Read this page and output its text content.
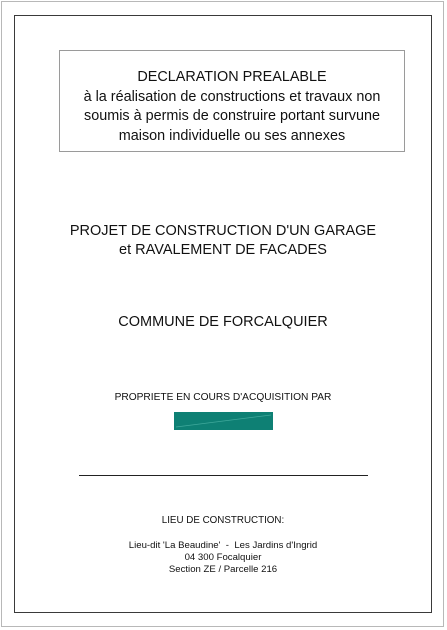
DECLARATION PREALABLE
à la réalisation de constructions et travaux non
soumis à permis de construire portant survune
maison individuelle ou ses annexes
PROJET DE CONSTRUCTION D'UN GARAGE
et RAVALEMENT DE FACADES
COMMUNE DE FORCALQUIER
PROPRIETE EN COURS D'ACQUISITION PAR
LIEU DE CONSTRUCTION:
Lieu-dit 'La Beaudine'  -  Les Jardins d'Ingrid
04 300 Focalquier
Section ZE / Parcelle 216
